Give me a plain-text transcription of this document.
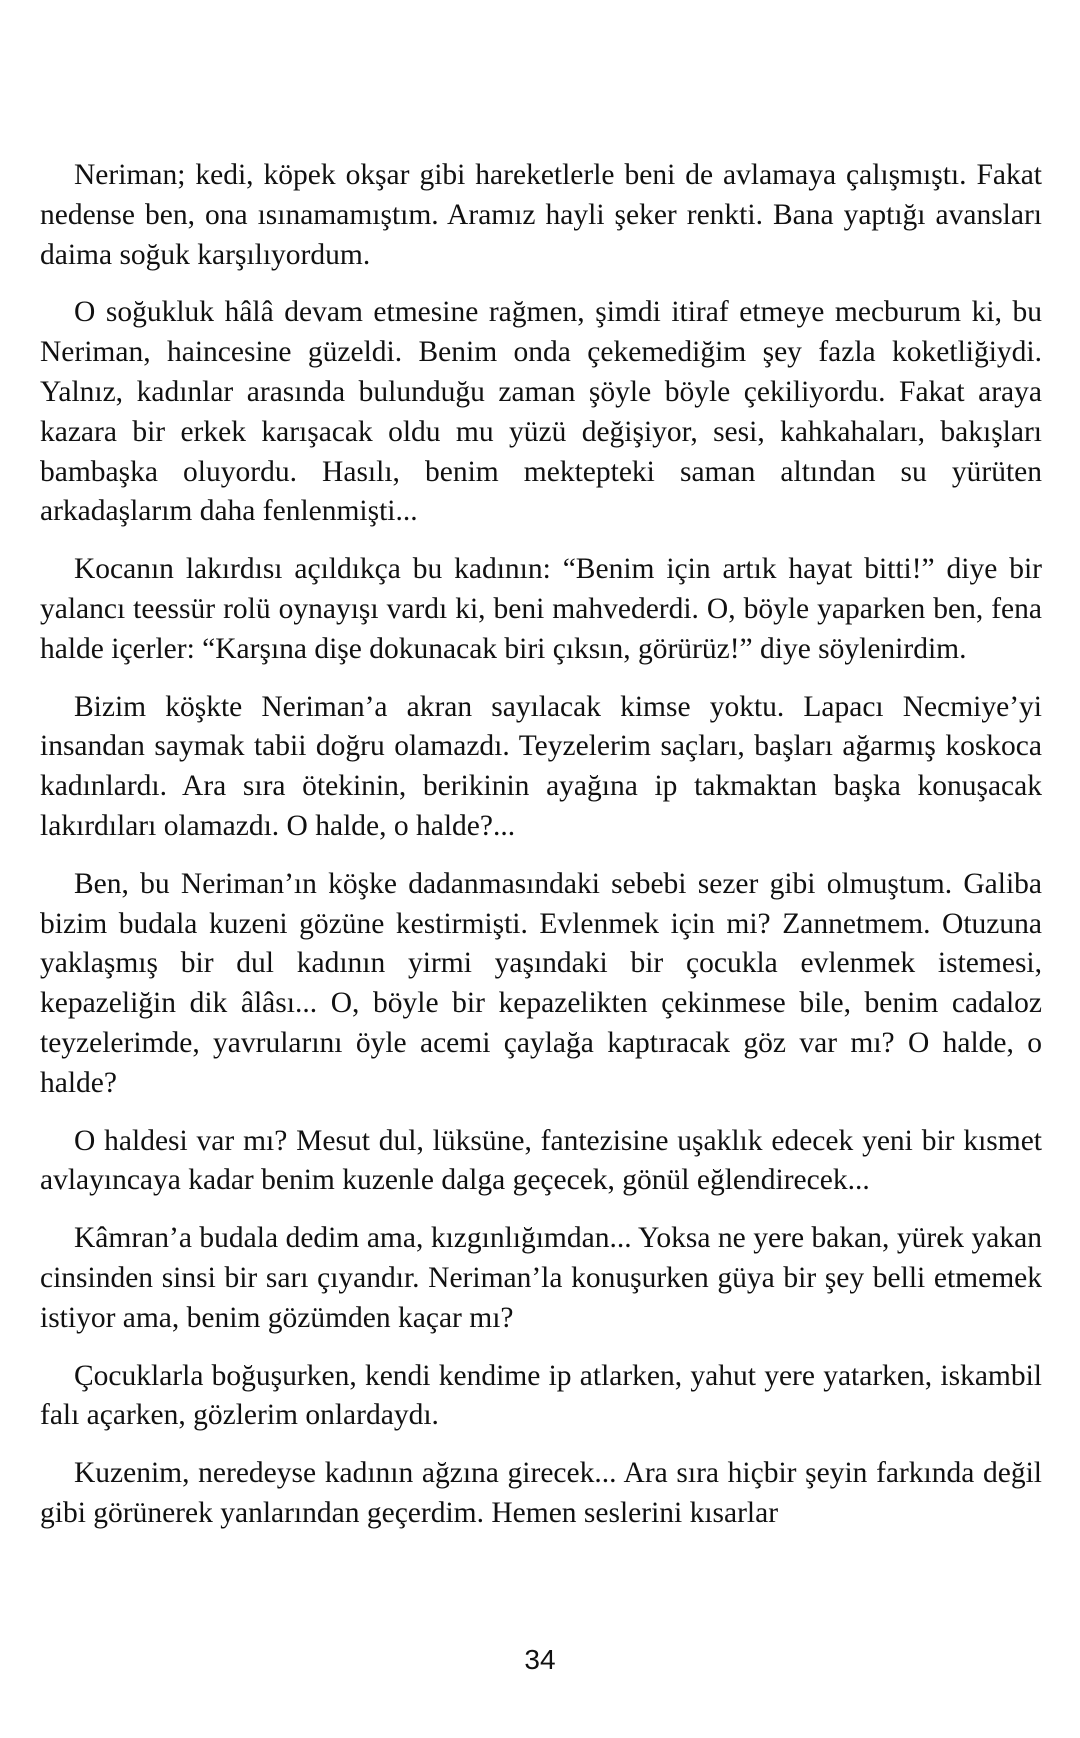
Neriman; kedi, köpek okşar gibi hareketlerle beni de avlamaya çalışmıştı. Fakat nedense ben, ona ısınamamıştım. Aramız hayli şeker renkti. Bana yaptığı avansları daima soğuk karşılıyordum.

O soğukluk hâlâ devam etmesine rağmen, şimdi itiraf etmeye mecburum ki, bu Neriman, haincesine güzeldi. Benim onda çekemediğim şey fazla koketliğiydi. Yalnız, kadınlar arasında bulunduğu zaman şöyle böyle çekiliyordu. Fakat araya kazara bir erkek karışacak oldu mu yüzü değişiyor, sesi, kahkahaları, bakışları bambaşka oluyordu. Hasılı, benim mektepteki saman altından su yürüten arkadaşlarım daha fenlenmişti...

Kocanın lakırdısı açıldıkça bu kadının: “Benim için artık hayat bitti!” diye bir yalancı teessür rolü oynayışı vardı ki, beni mahvederdi. O, böyle yaparken ben, fena halde içerler: “Karşına dişe dokunacak biri çıksın, görürüz!” diye söylenirdim.

Bizim köşkte Neriman’a akran sayılacak kimse yoktu. Lapacı Necmiye’yi insandan saymak tabii doğru olamazdı. Teyzelerim saçları, başları ağarmış koskoca kadınlardı. Ara sıra ötekinin, berikinin ayağına ip takmaktan başka konuşacak lakırdıları olamazdı. O halde, o halde?...

Ben, bu Neriman’ın köşke dadanmasındaki sebebi sezer gibi olmuştum. Galiba bizim budala kuzeni gözüne kestirmişti. Evlenmek için mi? Zannetmem. Otuzuna yaklaşmış bir dul kadının yirmi yaşındaki bir çocukla evlenmek istemesi, kepazeliğin dik âlâsı... O, böyle bir kepazelikten çekinmese bile, benim cadaloz teyzelerimde, yavrularını öyle acemi çaylağa kaptıracak göz var mı? O halde, o halde?

O haldesi var mı? Mesut dul, lüksüne, fantezisine uşaklık edecek yeni bir kısmet avlayıncaya kadar benim kuzenle dalga geçecek, gönül eğlendirecek...

Kâmran’a budala dedim ama, kızgınlığımdan... Yoksa ne yere bakan, yürek yakan cinsinden sinsi bir sarı çıyandır. Neriman’la konuşurken güya bir şey belli etmemek istiyor ama, benim gözümden kaçar mı?

Çocuklarla boğuşurken, kendi kendime ip atlarken, yahut yere yatarken, iskambil falı açarken, gözlerim onlardaydı.

Kuzenim, neredeyse kadının ağzına girecek... Ara sıra hiçbir şeyin farkında değil gibi görünerek yanlarından geçerdim. Hemen seslerini kısarlar

34
